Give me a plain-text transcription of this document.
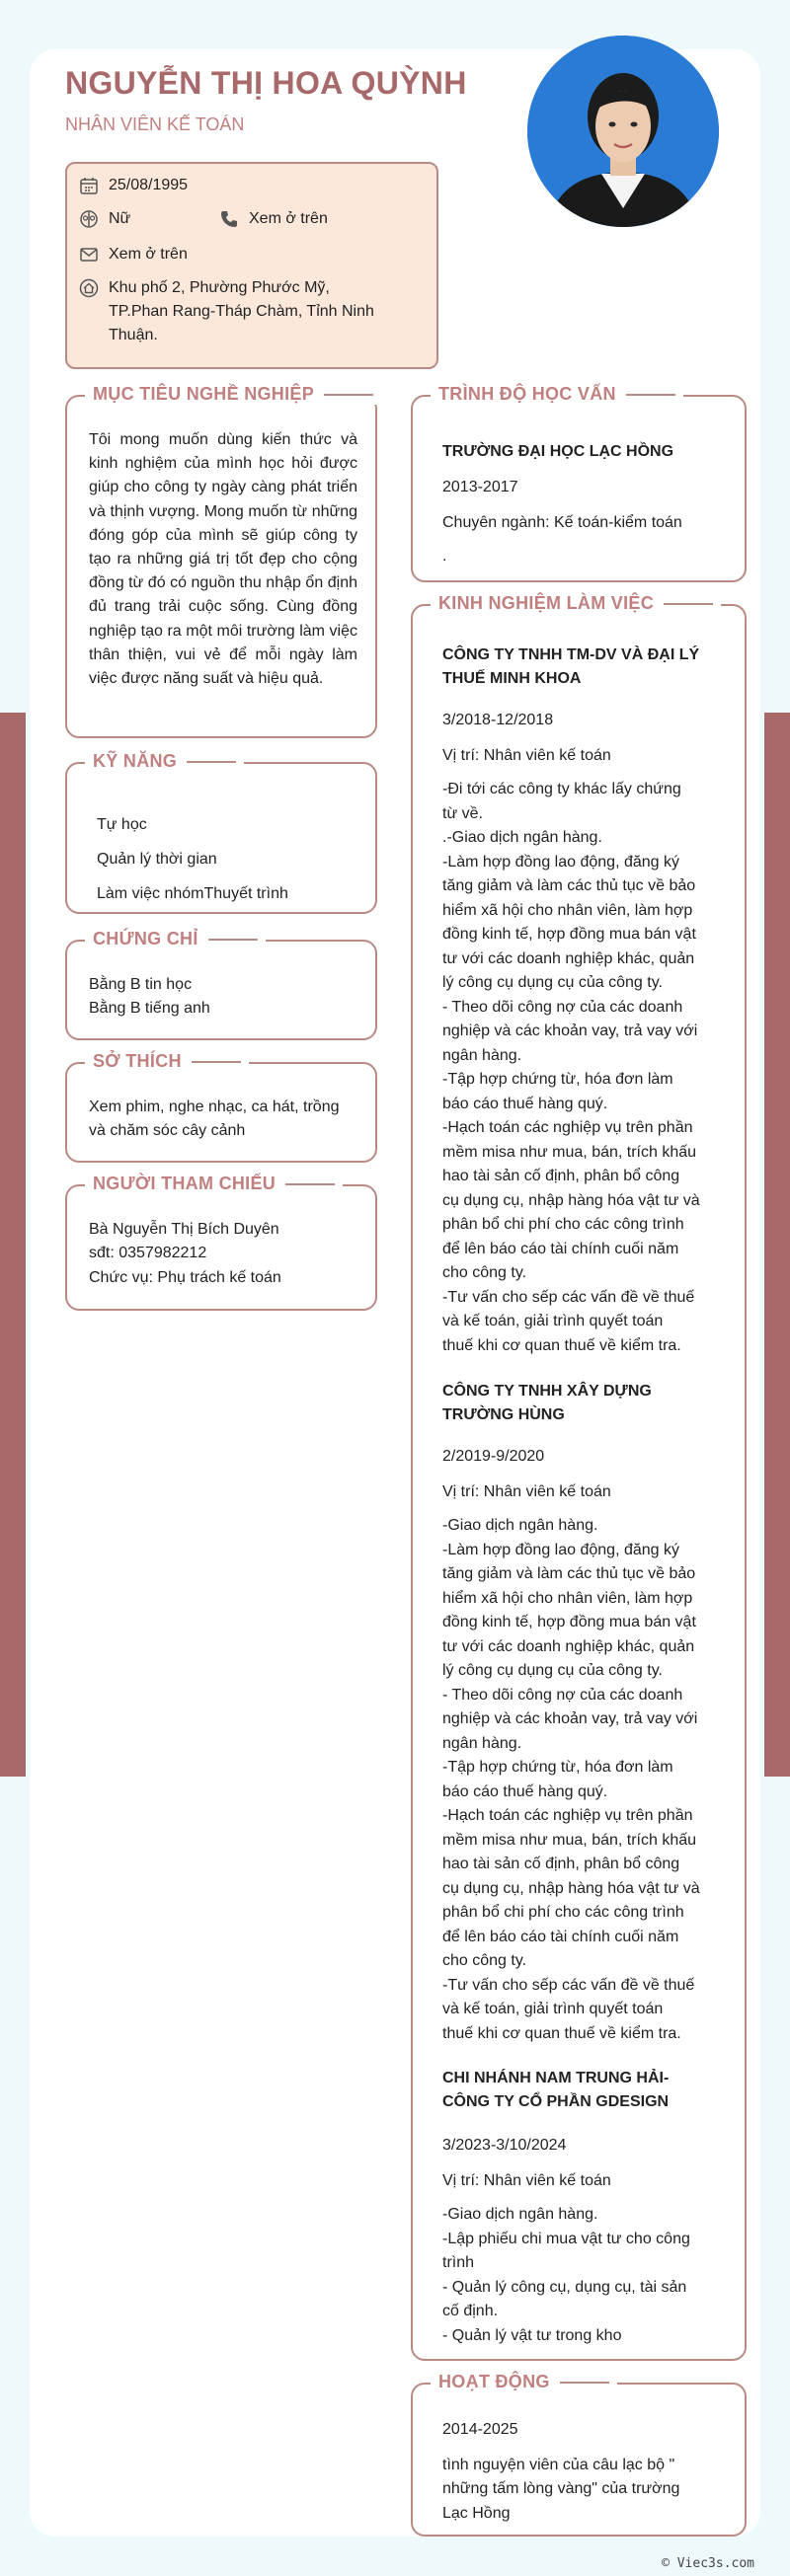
NGUYỄN THỊ HOA QUỲNH
NHÂN VIÊN KẾ TOÁN
25/08/1995
Nữ	Xem ở trên
Xem ở trên
Khu phố 2, Phường Phước Mỹ,
TP.Phan Rang-Tháp Chàm, Tỉnh Ninh
Thuận.
MỤC TIÊU NGHỀ NGHIỆP
Tôi mong muốn dùng kiến thức và kinh nghiệm của mình học hỏi được giúp cho công ty ngày càng phát triển và thịnh vượng. Mong muốn từ những đóng góp của mình sẽ giúp công ty tạo ra những giá trị tốt đẹp cho cộng đồng từ đó có nguồn thu nhập ổn định đủ trang trải cuộc sống. Cùng đồng nghiệp tạo ra một môi trường làm việc thân thiện, vui vẻ để mỗi ngày làm việc được năng suất và hiệu quả.
KỸ NĂNG
Tự học
Quản lý thời gian
Làm việc nhómThuyết trình
CHỨNG CHỈ
Bằng B tin học
Bằng B tiếng anh
SỞ THÍCH
Xem phim, nghe nhạc, ca hát, trồng
và chăm sóc cây cảnh
NGƯỜI THAM CHIẾU
Bà Nguyễn Thị Bích Duyên
sđt: 0357982212
Chức vụ: Phụ trách kế toán
TRÌNH ĐỘ HỌC VẤN
TRƯỜNG ĐẠI HỌC LẠC HỒNG
2013-2017
Chuyên ngành: Kế toán-kiểm toán
.
KINH NGHIỆM LÀM VIỆC
CÔNG TY TNHH TM-DV VÀ ĐẠI LÝ
THUẾ MINH KHOA
3/2018-12/2018
Vị trí: Nhân viên kế toán
-Đi tới các công ty khác lấy chứng
từ về.
.-Giao dịch ngân hàng.
-Làm hợp đồng lao động, đăng ký
tăng giảm và làm các thủ tục về bảo
hiểm xã hội cho nhân viên, làm hợp
đồng kinh tế, hợp đồng mua bán vật
tư với các doanh nghiệp khác, quản
lý công cụ dụng cụ của công ty.
- Theo dõi công nợ của các doanh
nghiệp và các khoản vay, trả vay với
ngân hàng.
-Tập hợp chứng từ, hóa đơn làm
báo cáo thuế hàng quý.
-Hạch toán các nghiệp vụ trên phần
mềm misa như mua, bán, trích khấu
hao tài sản cố định, phân bổ công
cụ dụng cụ, nhập hàng hóa vật tư và
phân bổ chi phí cho các công trình
để lên báo cáo tài chính cuối năm
cho công ty.
-Tư vấn cho sếp các vấn đề về thuế
và kế toán, giải trình quyết toán
thuế khi cơ quan thuế về kiểm tra.
CÔNG TY TNHH XÂY DỰNG
TRƯỜNG HÙNG
2/2019-9/2020
Vị trí: Nhân viên kế toán
-Giao dịch ngân hàng.
-Làm hợp đồng lao động, đăng ký
tăng giảm và làm các thủ tục về bảo
hiểm xã hội cho nhân viên, làm hợp
đồng kinh tế, hợp đồng mua bán vật
tư với các doanh nghiệp khác, quản
lý công cụ dụng cụ của công ty.
- Theo dõi công nợ của các doanh
nghiệp và các khoản vay, trả vay với
ngân hàng.
-Tập hợp chứng từ, hóa đơn làm
báo cáo thuế hàng quý.
-Hạch toán các nghiệp vụ trên phần
mềm misa như mua, bán, trích khấu
hao tài sản cố định, phân bổ công
cụ dụng cụ, nhập hàng hóa vật tư và
phân bổ chi phí cho các công trình
để lên báo cáo tài chính cuối năm
cho công ty.
-Tư vấn cho sếp các vấn đề về thuế
và kế toán, giải trình quyết toán
thuế khi cơ quan thuế về kiểm tra.
CHI NHÁNH NAM TRUNG HẢI-
CÔNG TY CỔ PHẦN GDESIGN
3/2023-3/10/2024
Vị trí: Nhân viên kế toán
-Giao dịch ngân hàng.
-Lập phiếu chi mua vật tư cho công
trình
- Quản lý công cụ, dụng cụ, tài sản
cố định.
- Quản lý vật tư trong kho
HOẠT ĐỘNG
2014-2025
tình nguyện viên của câu lạc bộ "
những tấm lòng vàng" của trường
Lạc Hồng
© Viec3s.com
